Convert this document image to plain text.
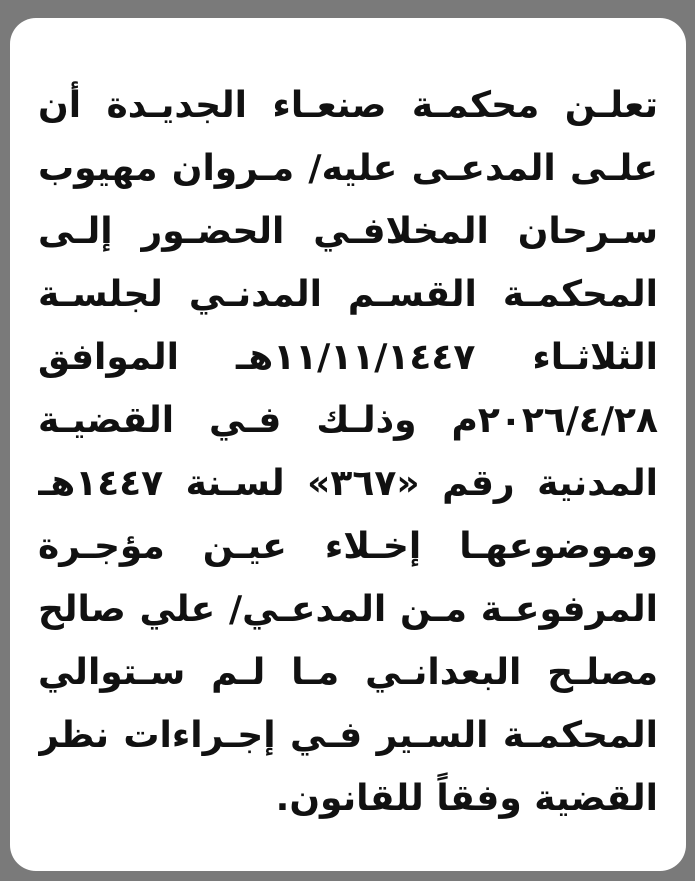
تعلـن محكمـة صنعـاء الجديـدة أن
علـى المدعـى عليه/ مـروان مهيوب
سـرحان المخلافـي الحضـور إلـى
المحكمـة القسـم المدنـي لجلسـة
الثلاثـاء ١١/١١/١٤٤٧هـ الموافق
٢٠٢٦/٤/٢٨م وذلـك فـي القضيـة
المدنية رقم «٣٦٧» لسـنة ١٤٤٧هـ
وموضوعهـا إخـلاء عيـن مؤجـرة
المرفوعـة مـن المدعـي/ علي صالح
مصلـح البعدانـي مـا لـم سـتوالي
المحكمـة السـير فـي إجـراءات نظر
القضية وفقاً للقانون.
